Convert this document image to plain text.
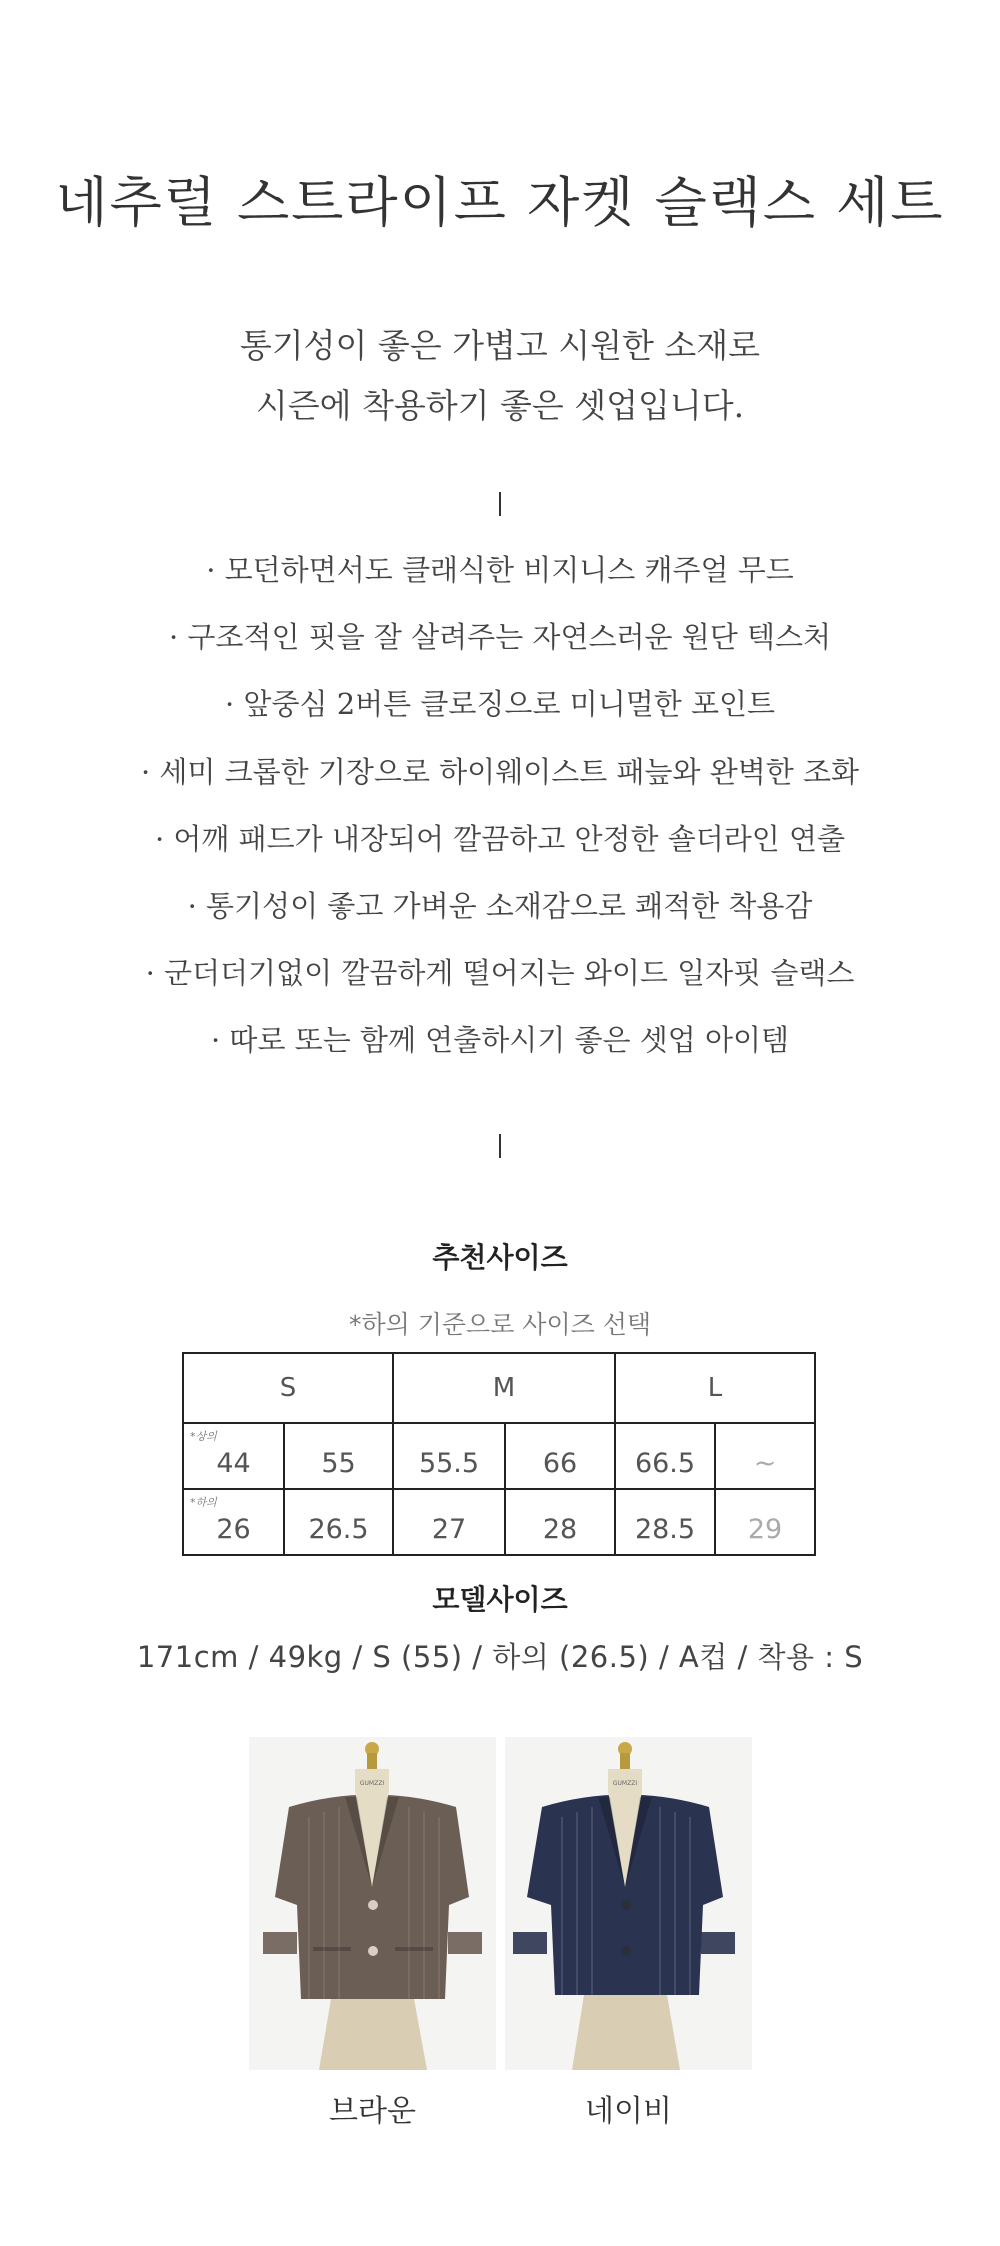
네추럴 스트라이프 자켓 슬랙스 세트
통기성이 좋은 가볍고 시원한 소재로
시즌에 착용하기 좋은 셋업입니다.
· 모던하면서도 클래식한 비지니스 캐주얼 무드
· 구조적인 핏을 잘 살려주는 자연스러운 원단 텍스처
· 앞중심 2버튼 클로징으로 미니멀한 포인트
· 세미 크롭한 기장으로 하이웨이스트 패늪와 완벽한 조화
· 어깨 패드가 내장되어 깔끔하고 안정한 숄더라인 연출
· 통기성이 좋고 가벼운 소재감으로 쾌적한 착용감
· 군더더기없이 깔끔하게 떨어지는 와이드 일자핏 슬랙스
· 따로 또는 함께 연출하시기 좋은 셋업 아이템
추천사이즈
*하의 기준으로 사이즈 선택
S		M		L	

*상의
44	55	55.5	66	66.5	~

*하의
26	26.5	27	28	28.5	29
모델사이즈
171cm / 49kg / S (55) / 하의 (26.5) / A컵 / 착용 : S
GUMZZI	GUMZZI
브라운	네이비
